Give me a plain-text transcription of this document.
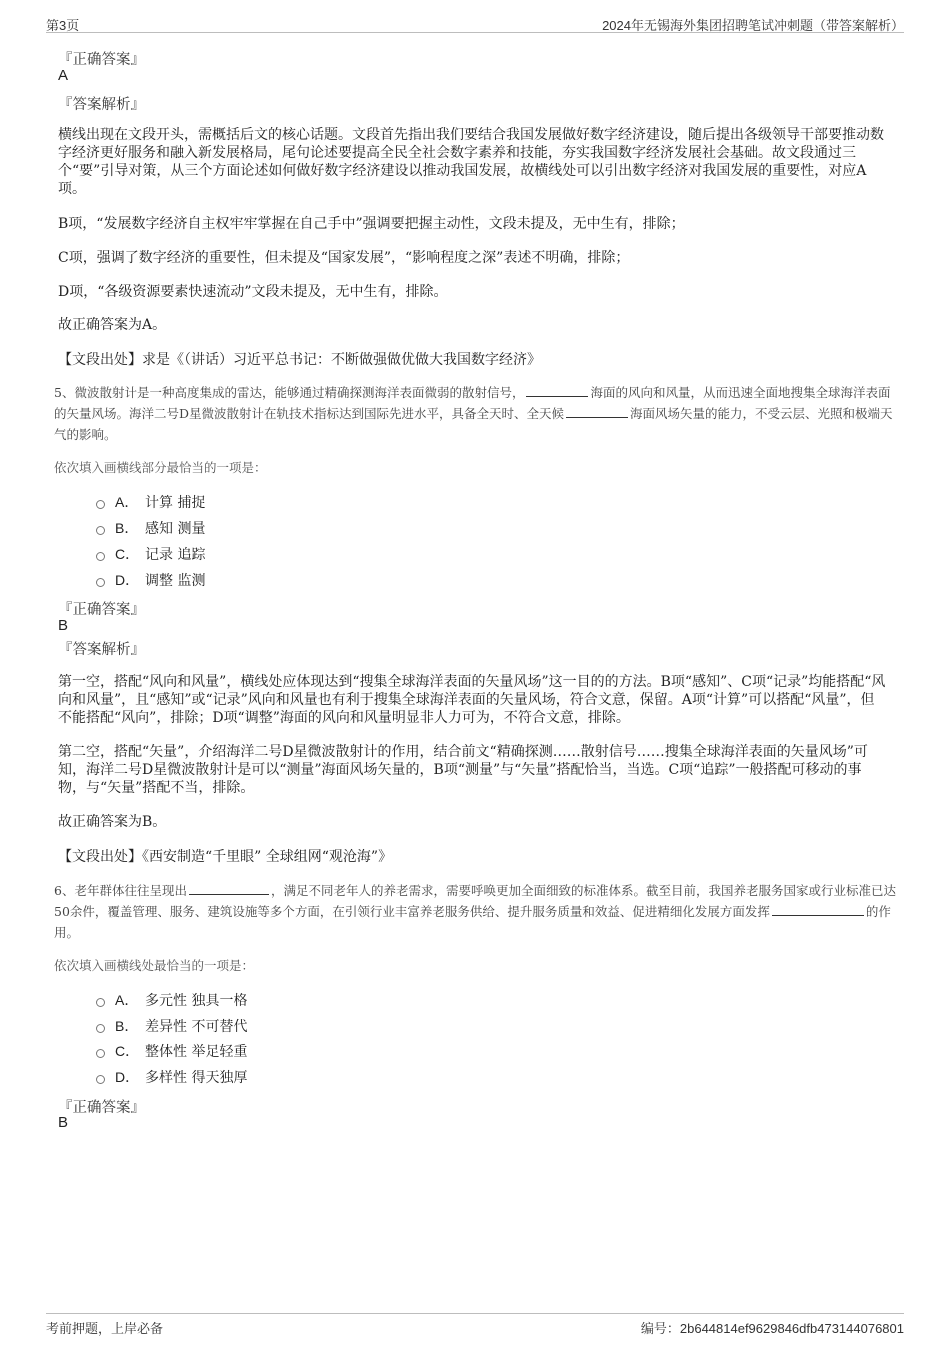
第3页	2024年无锡海外集团招聘笔试冲刺题（带答案解析）
『正确答案』
A
『答案解析』
横线出现在文段开头，需概括后文的核心话题。文段首先指出我们要结合我国发展做好数字经济建设，随后提出各级领导干部要推动数字经济更好服务和融入新发展格局，尾句论述要提高全民全社会数字素养和技能，夯实我国数字经济发展社会基础。故文段通过三个“要”引导对策，从三个方面论述如何做好数字经济建设以推动我国发展，故横线处可以引出数字经济对我国发展的重要性，对应A项。
B项，“发展数字经济自主权牢牢掌握在自己手中”强调要把握主动性，文段未提及，无中生有，排除；
C项，强调了数字经济的重要性，但未提及“国家发展”，“影响程度之深”表述不明确，排除；
D项，“各级资源要素快速流动”文段未提及，无中生有，排除。
故正确答案为A。
【文段出处】求是《（讲话）习近平总书记：不断做强做优做大我国数字经济》
5、微波散射计是一种高度集成的雷达，能够通过精确探测海洋表面微弱的散射信号，	海面的风向和风量，从而迅速全面地搜集全球海洋表面的矢量风场。海洋二号D星微波散射计在轨技术指标达到国际先进水平，具备全天时、全天候	海面风场矢量的能力，不受云层、光照和极端天气的影响。
依次填入画横线部分最恰当的一项是：
A． 计算 捕捉
B． 感知 测量
C． 记录 追踪
D． 调整 监测
『正确答案』
B
『答案解析』
第一空，搭配“风向和风量”，横线处应体现达到“搜集全球海洋表面的矢量风场”这一目的的方法。B项“感知”、C项“记录”均能搭配“风向和风量”，且“感知”或“记录”风向和风量也有利于搜集全球海洋表面的矢量风场，符合文意，保留。A项“计算”可以搭配“风量”，但不能搭配“风向”，排除；D项“调整”海面的风向和风量明显非人力可为，不符合文意，排除。
第二空，搭配“矢量”，介绍海洋二号D星微波散射计的作用，结合前文“精确探测……散射信号……搜集全球海洋表面的矢量风场”可知，海洋二号D星微波散射计是可以“测量”海面风场矢量的，B项“测量”与“矢量”搭配恰当，当选。C项“追踪”一般搭配可移动的事物，与“矢量”搭配不当，排除。
故正确答案为B。
【文段出处】《西安制造“千里眼” 全球组网“观沧海”》
6、老年群体往往呈现出	，满足不同老年人的养老需求，需要呼唤更加全面细致的标准体系。截至目前，我国养老服务国家或行业标准已达50余件，覆盖管理、服务、建筑设施等多个方面，在引领行业丰富养老服务供给、提升服务质量和效益、促进精细化发展方面发挥	的作用。
依次填入画横线处最恰当的一项是：
A． 多元性 独具一格
B． 差异性 不可替代
C． 整体性 举足轻重
D． 多样性 得天独厚
『正确答案』
B
考前押题，上岸必备	编号：2b644814ef9629846dfb473144076801
